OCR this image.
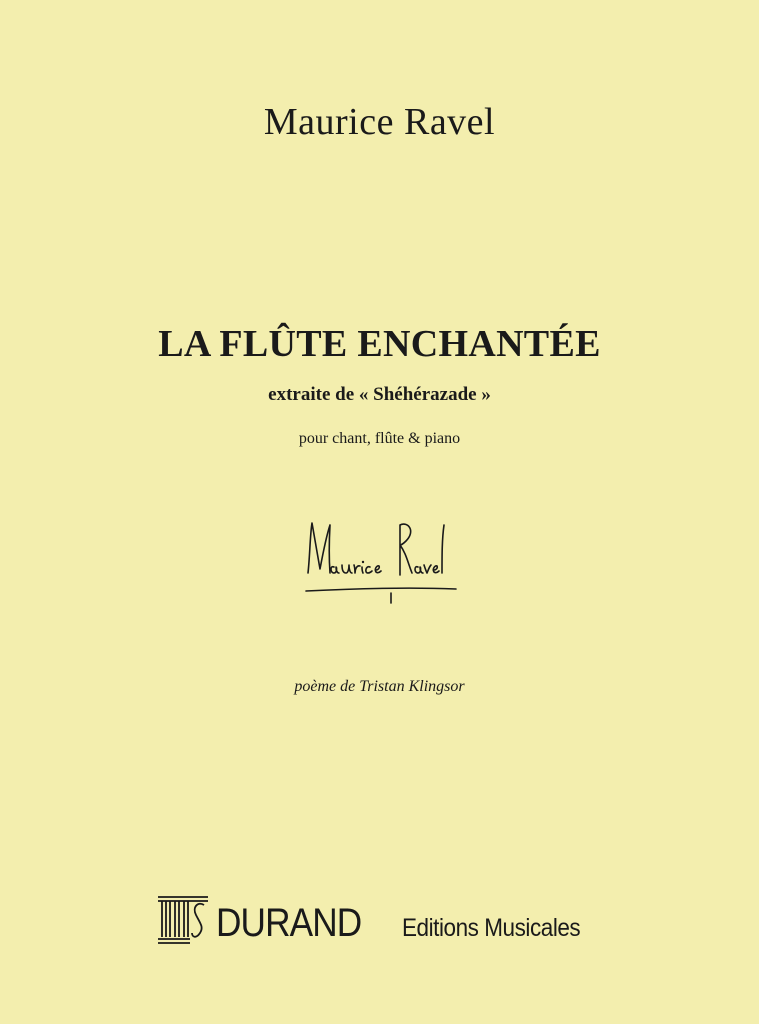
Maurice Ravel
LA FLÛTE ENCHANTÉE
extraite de « Shéhérazade »
pour chant, flûte & piano
poème de Tristan Klingsor
DURAND	Editions Musicales
